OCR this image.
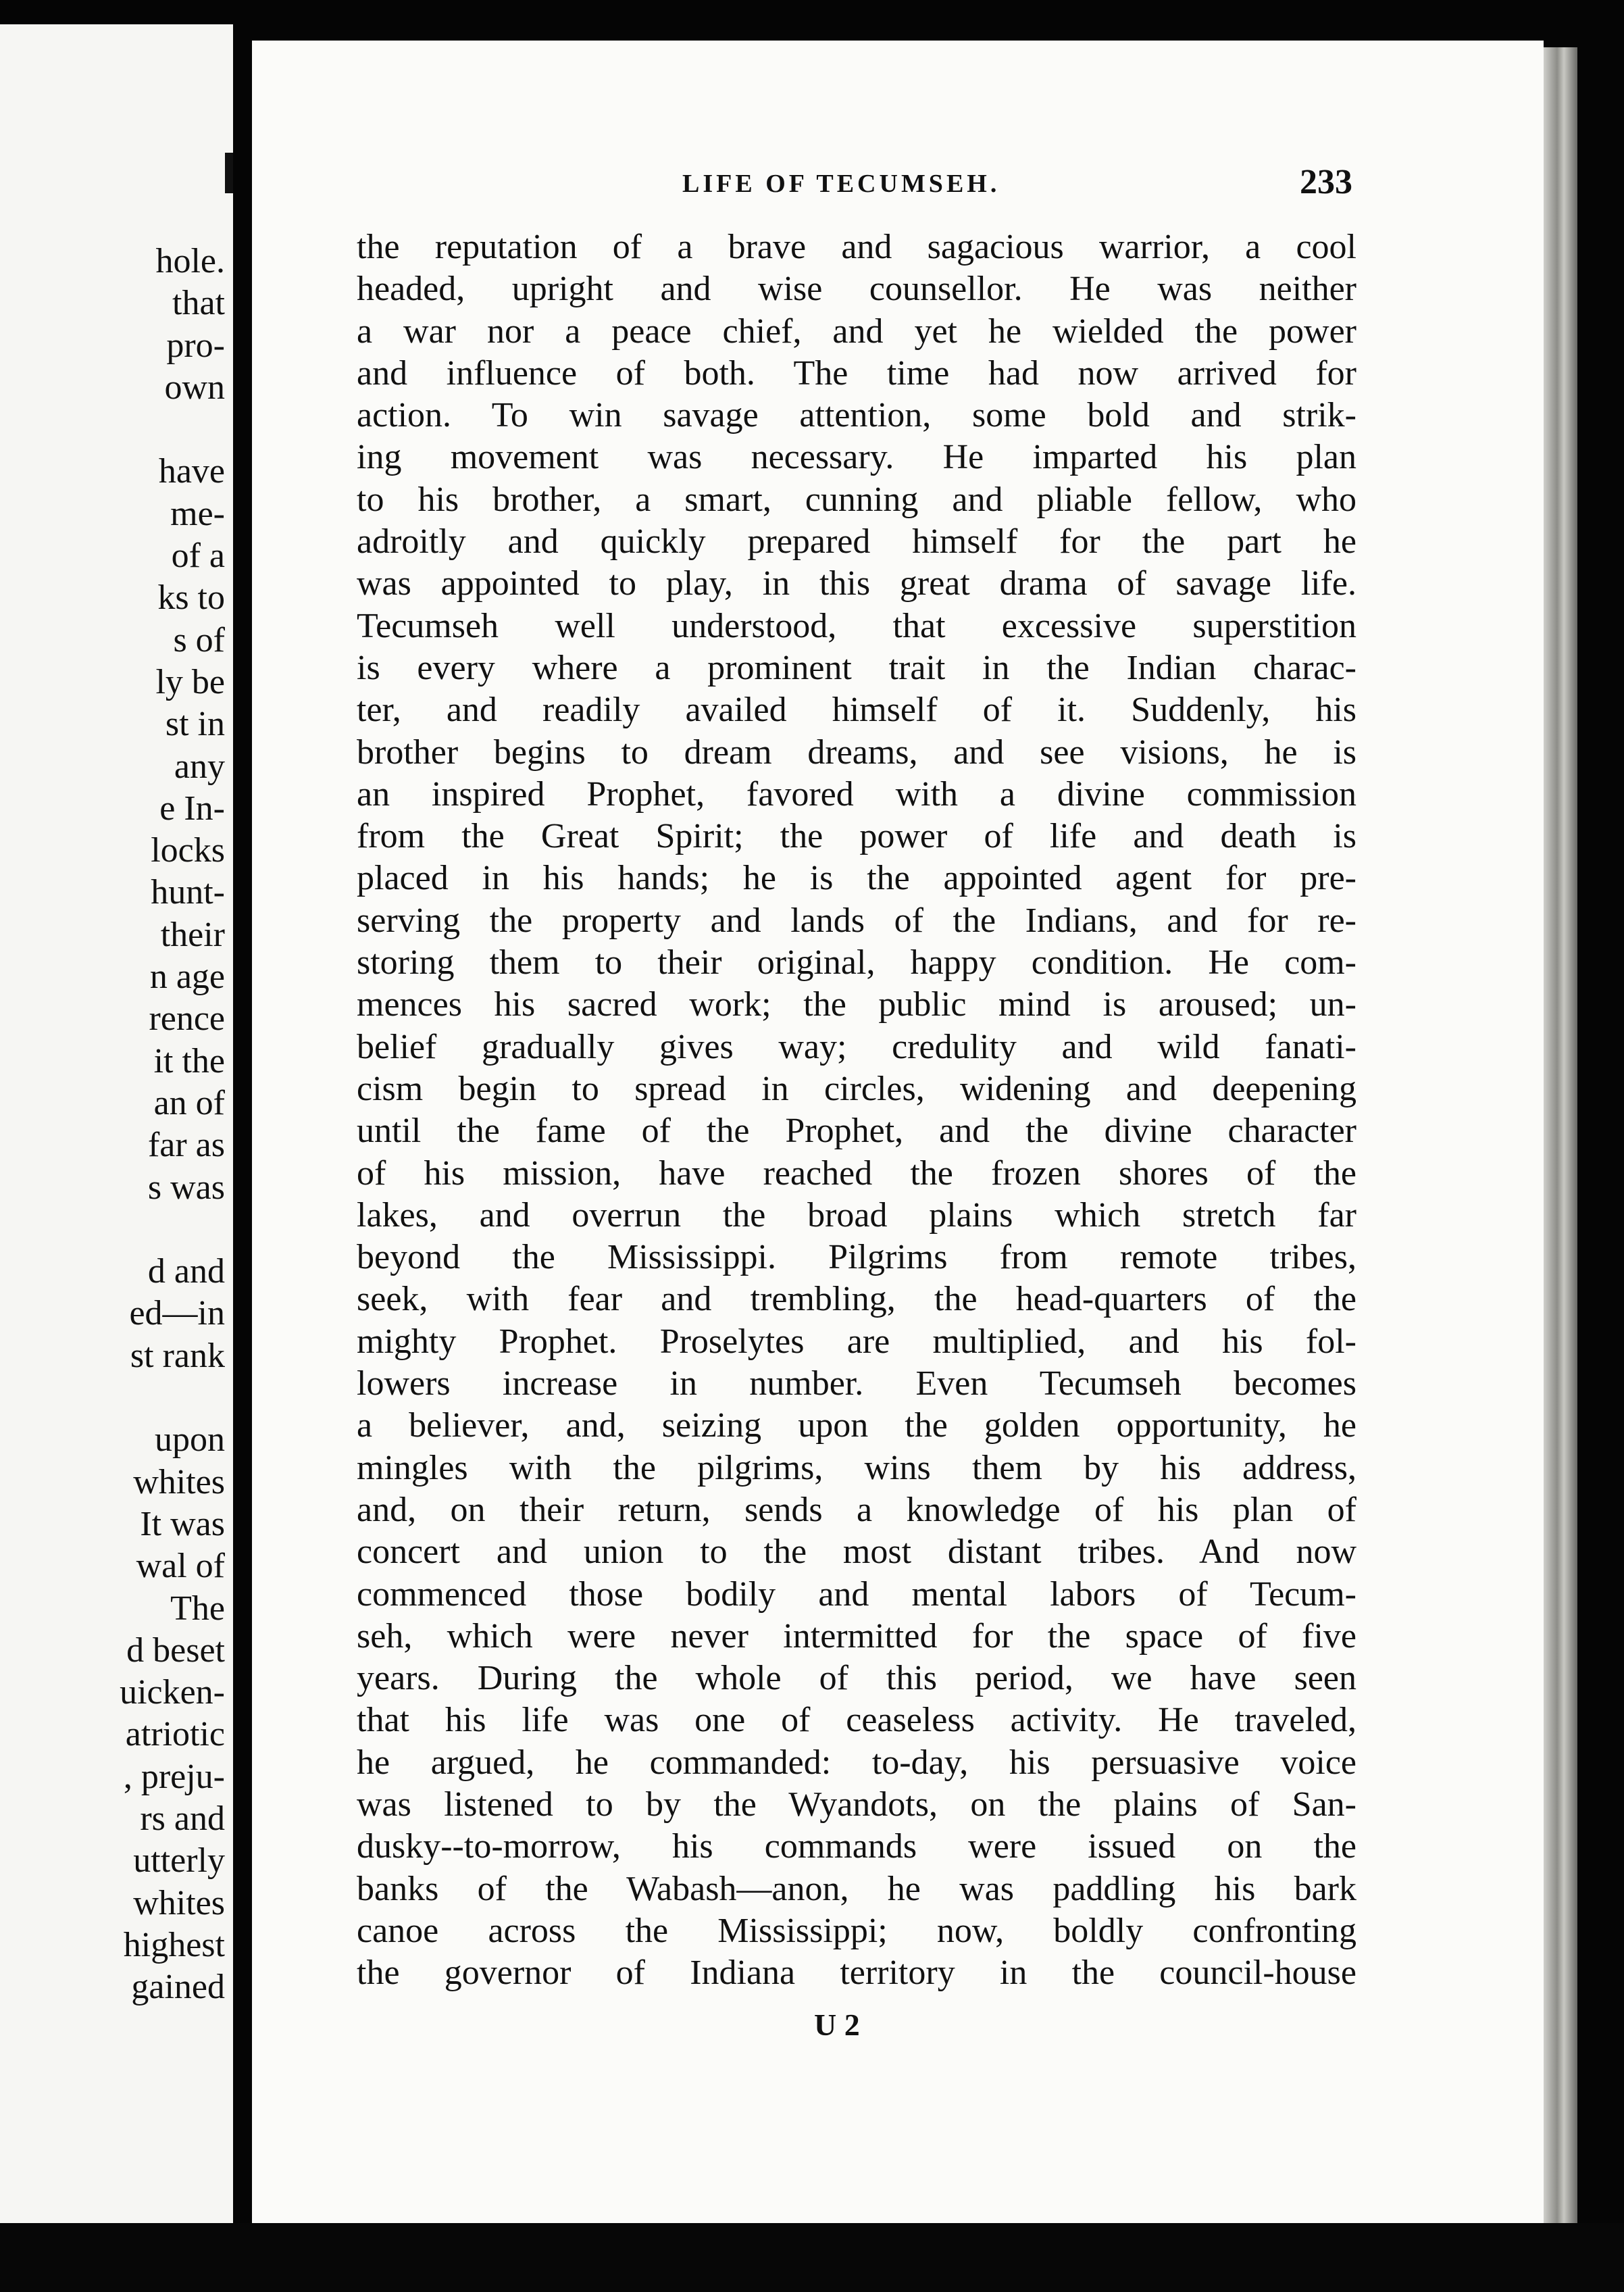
hole.
that
pro-
own
have
me-
of a
ks to
s of
ly be
st in
any
e In-
locks
hunt-
their
n age
rence
it the
an of
far as
s was
d and
ed—in
st rank
upon
whites
It was
wal of
The
d beset
uicken-
atriotic
, preju-
rs and
utterly
whites
highest
gained
LIFE OF TECUMSEH.	233
the reputation of a brave and sagacious warrior, a cool
headed, upright and wise counsellor. He was neither
a war nor a peace chief, and yet he wielded the power
and influence of both. The time had now arrived for
action. To win savage attention, some bold and strik-
ing movement was necessary. He imparted his plan
to his brother, a smart, cunning and pliable fellow, who
adroitly and quickly prepared himself for the part he
was appointed to play, in this great drama of savage life.
Tecumseh well understood, that excessive superstition
is every where a prominent trait in the Indian charac-
ter, and readily availed himself of it. Suddenly, his
brother begins to dream dreams, and see visions, he is
an inspired Prophet, favored with a divine commission
from the Great Spirit; the power of life and death is
placed in his hands; he is the appointed agent for pre-
serving the property and lands of the Indians, and for re-
storing them to their original, happy condition. He com-
mences his sacred work; the public mind is aroused; un-
belief gradually gives way; credulity and wild fanati-
cism begin to spread in circles, widening and deepening
until the fame of the Prophet, and the divine character
of his mission, have reached the frozen shores of the
lakes, and overrun the broad plains which stretch far
beyond the Mississippi. Pilgrims from remote tribes,
seek, with fear and trembling, the head-quarters of the
mighty Prophet. Proselytes are multiplied, and his fol-
lowers increase in number. Even Tecumseh becomes
a believer, and, seizing upon the golden opportunity, he
mingles with the pilgrims, wins them by his address,
and, on their return, sends a knowledge of his plan of
concert and union to the most distant tribes. And now
commenced those bodily and mental labors of Tecum-
seh, which were never intermitted for the space of five
years. During the whole of this period, we have seen
that his life was one of ceaseless activity. He traveled,
he argued, he commanded: to-day, his persuasive voice
was listened to by the Wyandots, on the plains of San-
dusky--to-morrow, his commands were issued on the
banks of the Wabash—anon, he was paddling his bark
canoe across the Mississippi; now, boldly confronting
the governor of Indiana territory in the council-house
U 2
